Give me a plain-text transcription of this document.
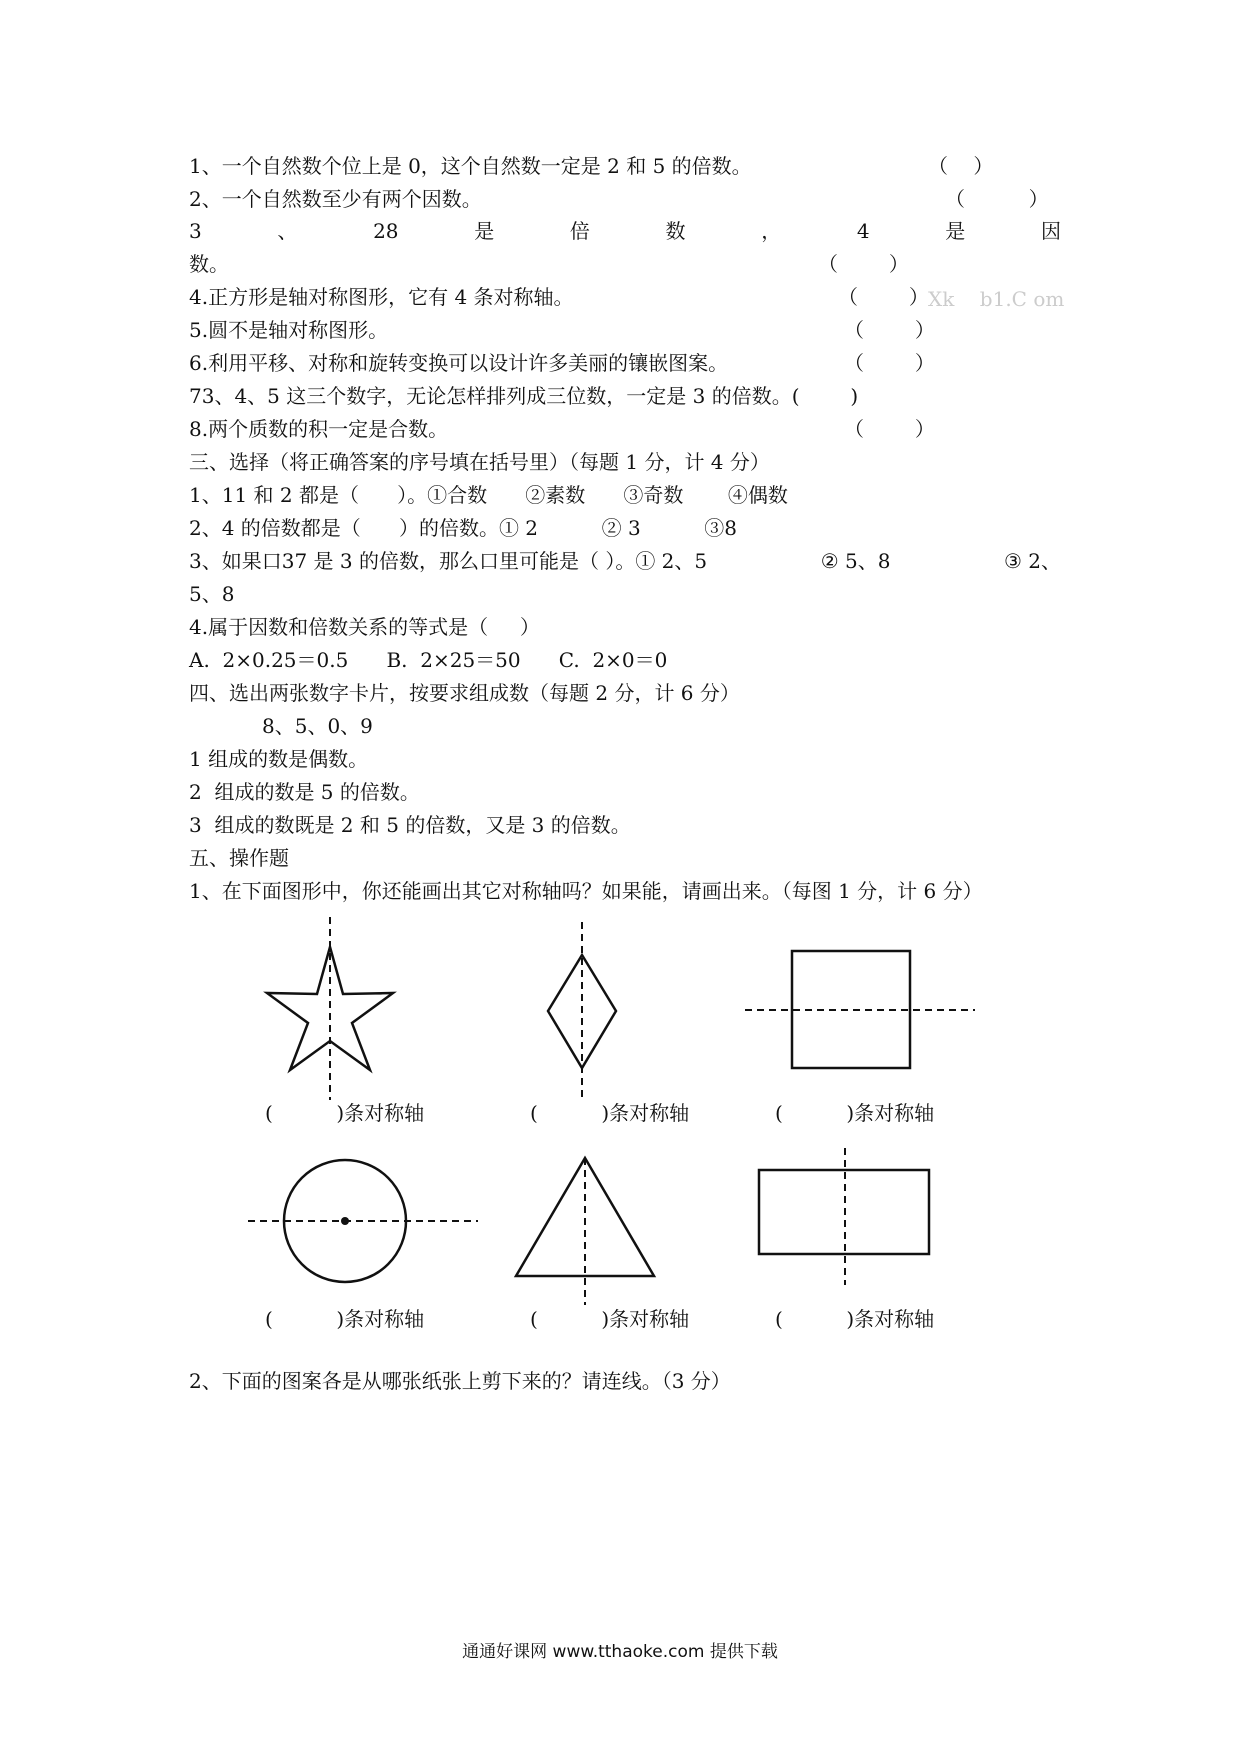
1、一个自然数个位上是 0，这个自然数一定是 2 和 5 的倍数。	（    ）
2、一个自然数至少有两个因数。	（          ）
3	、	28	是	倍	数	，	4	是	因
数。	（        ）
4.正方形是轴对称图形，它有 4 条对称轴。	（        ） Xk    b1.C om
5.圆不是轴对称图形。	（        ）
6.利用平移、对称和旋转变换可以设计许多美丽的镶嵌图案。	（        ）
73、4、5 这三个数字，无论怎样排列成三位数，一定是 3 的倍数。(        )
8.两个质数的积一定是合数。	（        ）
三、选择（将正确答案的序号填在括号里）（每题 1 分，计 4 分）
1、11 和 2 都是（      ）。①合数      ②素数      ③奇数       ④偶数
2、4 的倍数都是（      ）的倍数。① 2          ② 3          ③8
3、如果口37 是 3 的倍数，那么口里可能是（ ）。① 2、5	② 5、8	③ 2、
5、8
4.属于因数和倍数关系的等式是（     ）
A.  2×0.25＝0.5      B.  2×25＝50      C.  2×0＝0
四、选出两张数字卡片，按要求组成数（每题 2 分，计 6 分）
8、5、0、9
1 组成的数是偶数。
2  组成的数是 5 的倍数。
3  组成的数既是 2 和 5 的倍数，又是 3 的倍数。
五、操作题
1、在下面图形中，你还能画出其它对称轴吗？如果能，请画出来。（每图 1 分，计 6 分）
(          )条对称轴	(          )条对称轴	(          )条对称轴
(          )条对称轴	(          )条对称轴	(          )条对称轴
2、下面的图案各是从哪张纸张上剪下来的？请连线。（3 分）
通通好课网 www.tthaoke.com 提供下载
